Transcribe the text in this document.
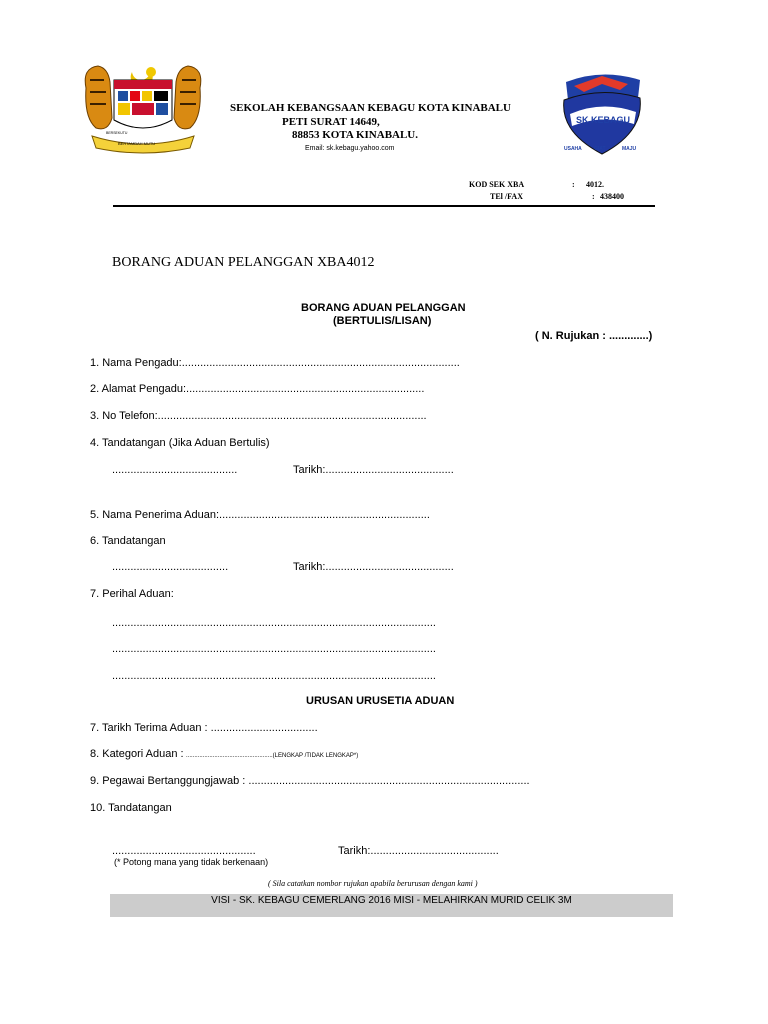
BERTAMBAH MUTU
BERSEKUTU
SEKOLAH KEBANGSAAN KEBAGU KOTA KINABALU
PETI SURAT 14649,
88853 KOTA KINABALU.
Email: sk.kebagu.yahoo.com
SK KEBAGU
USAHA GIAT	MAJU
KOD SEK XBA	: 4012.
TEl /FAX	: 438400
BORANG ADUAN PELANGGAN XBA4012
BORANG ADUAN PELANGGAN
(BERTULIS/LISAN)
( N. Rujukan : .............)
1. Nama Pengadu:...........................................................................................
2. Alamat Pengadu:..............................................................................
3. No Telefon:........................................................................................
4. Tandatangan (Jika Aduan Bertulis)
.........................................	Tarikh:..........................................
5. Nama Penerima Aduan:.....................................................................
6. Tandatangan
......................................	Tarikh:..........................................
7. Perihal Aduan:
..........................................................................................................
..........................................................................................................
..........................................................................................................
URUSAN URUSETIA ADUAN
7. Tarikh Terima Aduan : ...................................
8. Kategori Aduan : ....................................................(LENGKAP /TIDAK LENGKAP*)
9. Pegawai Bertanggungjawab : ............................................................................................
10. Tandatangan
...............................................	Tarikh:..........................................
(* Potong mana yang tidak berkenaan)
( Sila catatkan nombor rujukan apabila berurusan dengan kami )
VISI - SK. KEBAGU CEMERLANG 2016 MISI - MELAHIRKAN MURID CELIK 3M
